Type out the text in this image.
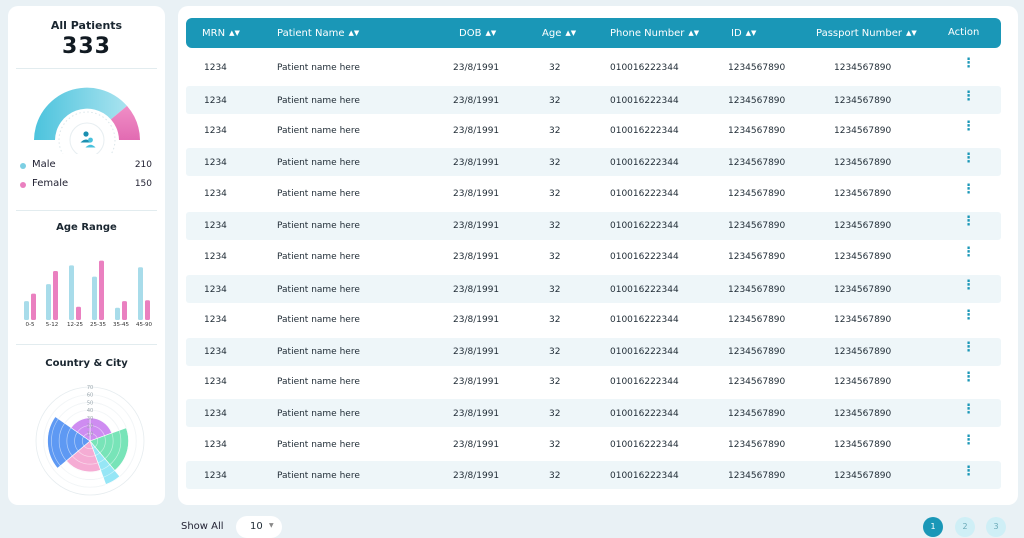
All Patients
333
Male	210
Female	150
Age Range
0-5	5-12	12-25	25-35	35-45	45-90
Country & City
10
20
30
40
50
60
70
MRN ▲▼	Patient Name ▲▼	DOB ▲▼	Age ▲▼	Phone Number ▲▼	ID ▲▼	Passport Number ▲▼	Action
1234	Patient name here	23/8/1991	32	010016222344	1234567890	1234567890	⋮
1234	Patient name here	23/8/1991	32	010016222344	1234567890	1234567890	⋮
1234	Patient name here	23/8/1991	32	010016222344	1234567890	1234567890	⋮
1234	Patient name here	23/8/1991	32	010016222344	1234567890	1234567890	⋮
1234	Patient name here	23/8/1991	32	010016222344	1234567890	1234567890	⋮
1234	Patient name here	23/8/1991	32	010016222344	1234567890	1234567890	⋮
1234	Patient name here	23/8/1991	32	010016222344	1234567890	1234567890	⋮
1234	Patient name here	23/8/1991	32	010016222344	1234567890	1234567890	⋮
1234	Patient name here	23/8/1991	32	010016222344	1234567890	1234567890	⋮
1234	Patient name here	23/8/1991	32	010016222344	1234567890	1234567890	⋮
1234	Patient name here	23/8/1991	32	010016222344	1234567890	1234567890	⋮
1234	Patient name here	23/8/1991	32	010016222344	1234567890	1234567890	⋮
1234	Patient name here	23/8/1991	32	010016222344	1234567890	1234567890	⋮
1234	Patient name here	23/8/1991	32	010016222344	1234567890	1234567890	⋮
Show All	10 ▼	1	2	3
